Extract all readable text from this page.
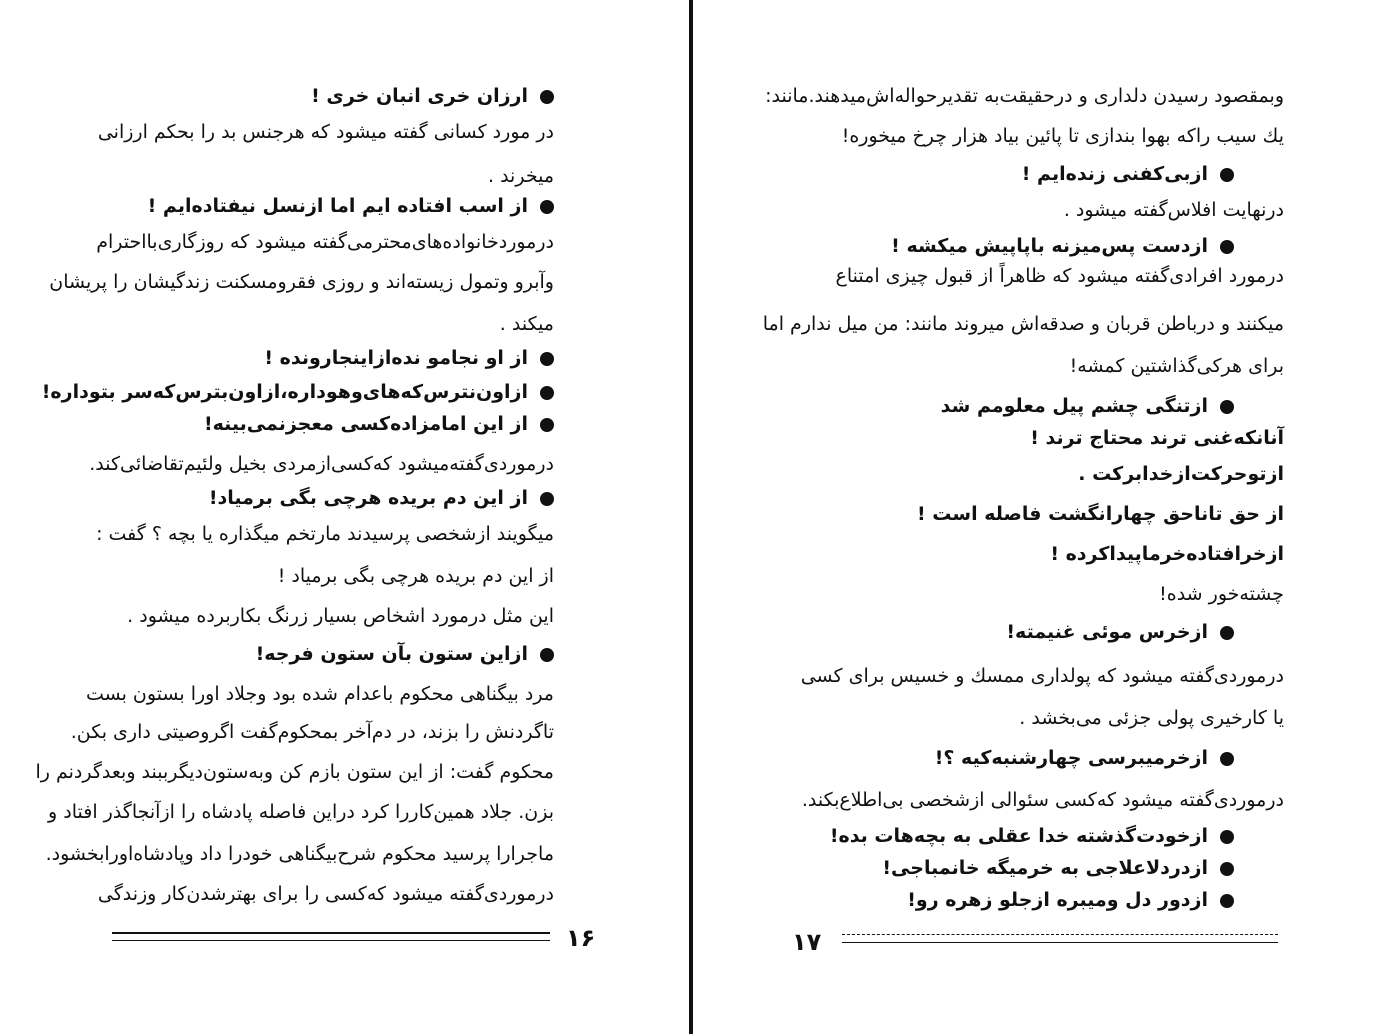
ارزان خری انبان خری !
در مورد کسانی گفته میشود که هرجنس بد را بحکم ارزانی
میخرند .
از اسب افتاده ایم اما ازنسل نیفتاده‌ایم !
درموردخانواده‌های‌محترمی‌گفته میشود که روزگاری‌بااحترام
وآبرو وتمول زیسته‌اند و روزی فقرومسکنت زندگیشان را پریشان
میکند .
از او نجامو نده‌ازاینجارونده !
ازاون‌نترس‌که‌های‌وهوداره،ازاون‌بترس‌که‌سر بتوداره!
از این امامزاده‌کسی معجزنمی‌بینه!
درموردی‌گفته‌میشود که‌کسی‌ازمردی بخیل ولئیم‌تقاضائی‌کند.
از این دم بریده هرچی بگی برمیاد!
میگویند ازشخصی پرسیدند مارتخم میگذاره یا بچه ؟ گفت :
از این دم بریده هرچی بگی برمیاد !
این مثل درمورد اشخاص بسیار زرنگ بکاربرده میشود .
ازاین ستون بآن ستون فرجه!
مرد بیگناهی محکوم باعدام شده بود وجلاد اورا بستون بست
تاگردنش را بزند، در دم‌آخر بمحکوم‌گفت اگروصیتی داری بکن.
محکوم گفت: از این ستون بازم کن وبه‌ستون‌دیگرببند وبعدگردنم را
بزن. جلاد همین‌کاررا کرد دراین فاصله پادشاه را ازآنجاگذر افتاد و
ماجرارا پرسید محکوم شرح‌بیگناهی خودرا داد وپادشاه‌اورابخشود.
درموردی‌گفته میشود که‌کسی را برای بهترشدن‌کار وزندگی
وبمقصود رسیدن دلداری و درحقیقت‌به تقدیرحواله‌اش‌میدهند.مانند:
یك سیب راکه بهوا بندازی تا پائین بیاد هزار چرخ میخوره!
ازبی‌کفنی زنده‌ایم !
درنهایت افلاس‌گفته میشود .
ازدست پس‌میزنه باپاپیش میکشه !
درمورد افرادی‌گفته میشود که ظاهراً از قبول چیزی امتناع
میکنند و درباطن قربان و صدقه‌اش میروند مانند: من میل ندارم اما
برای هرکی‌گذاشتین کمشه!
ازتنگی چشم پیل معلومم شد
آنانکه‌غنی ترند محتاج ترند !
ازتوحرکت‌ازخدابرکت .
از حق تاناحق چهارانگشت فاصله است !
ازخرافتاده‌خرماپیداکرده !
چشته‌خور شده!
ازخرس موئی غنیمته!
درموردی‌گفته میشود که پولداری ممسك و خسیس برای کسی
یا کارخیری پولی جزئی می‌بخشد .
ازخرمیبرسی چهارشنبه‌کیه ؟!
درموردی‌گفته میشود که‌کسی سئوالی ازشخصی بی‌اطلاع‌بکند.
ازخودت‌گذشته خدا عقلی به بچه‌هات بده!
ازدردلاعلاجی به خرمیگه خانمباجی!
ازدور دل ومیبره ازجلو زهره رو!
۱۶	۱۷
